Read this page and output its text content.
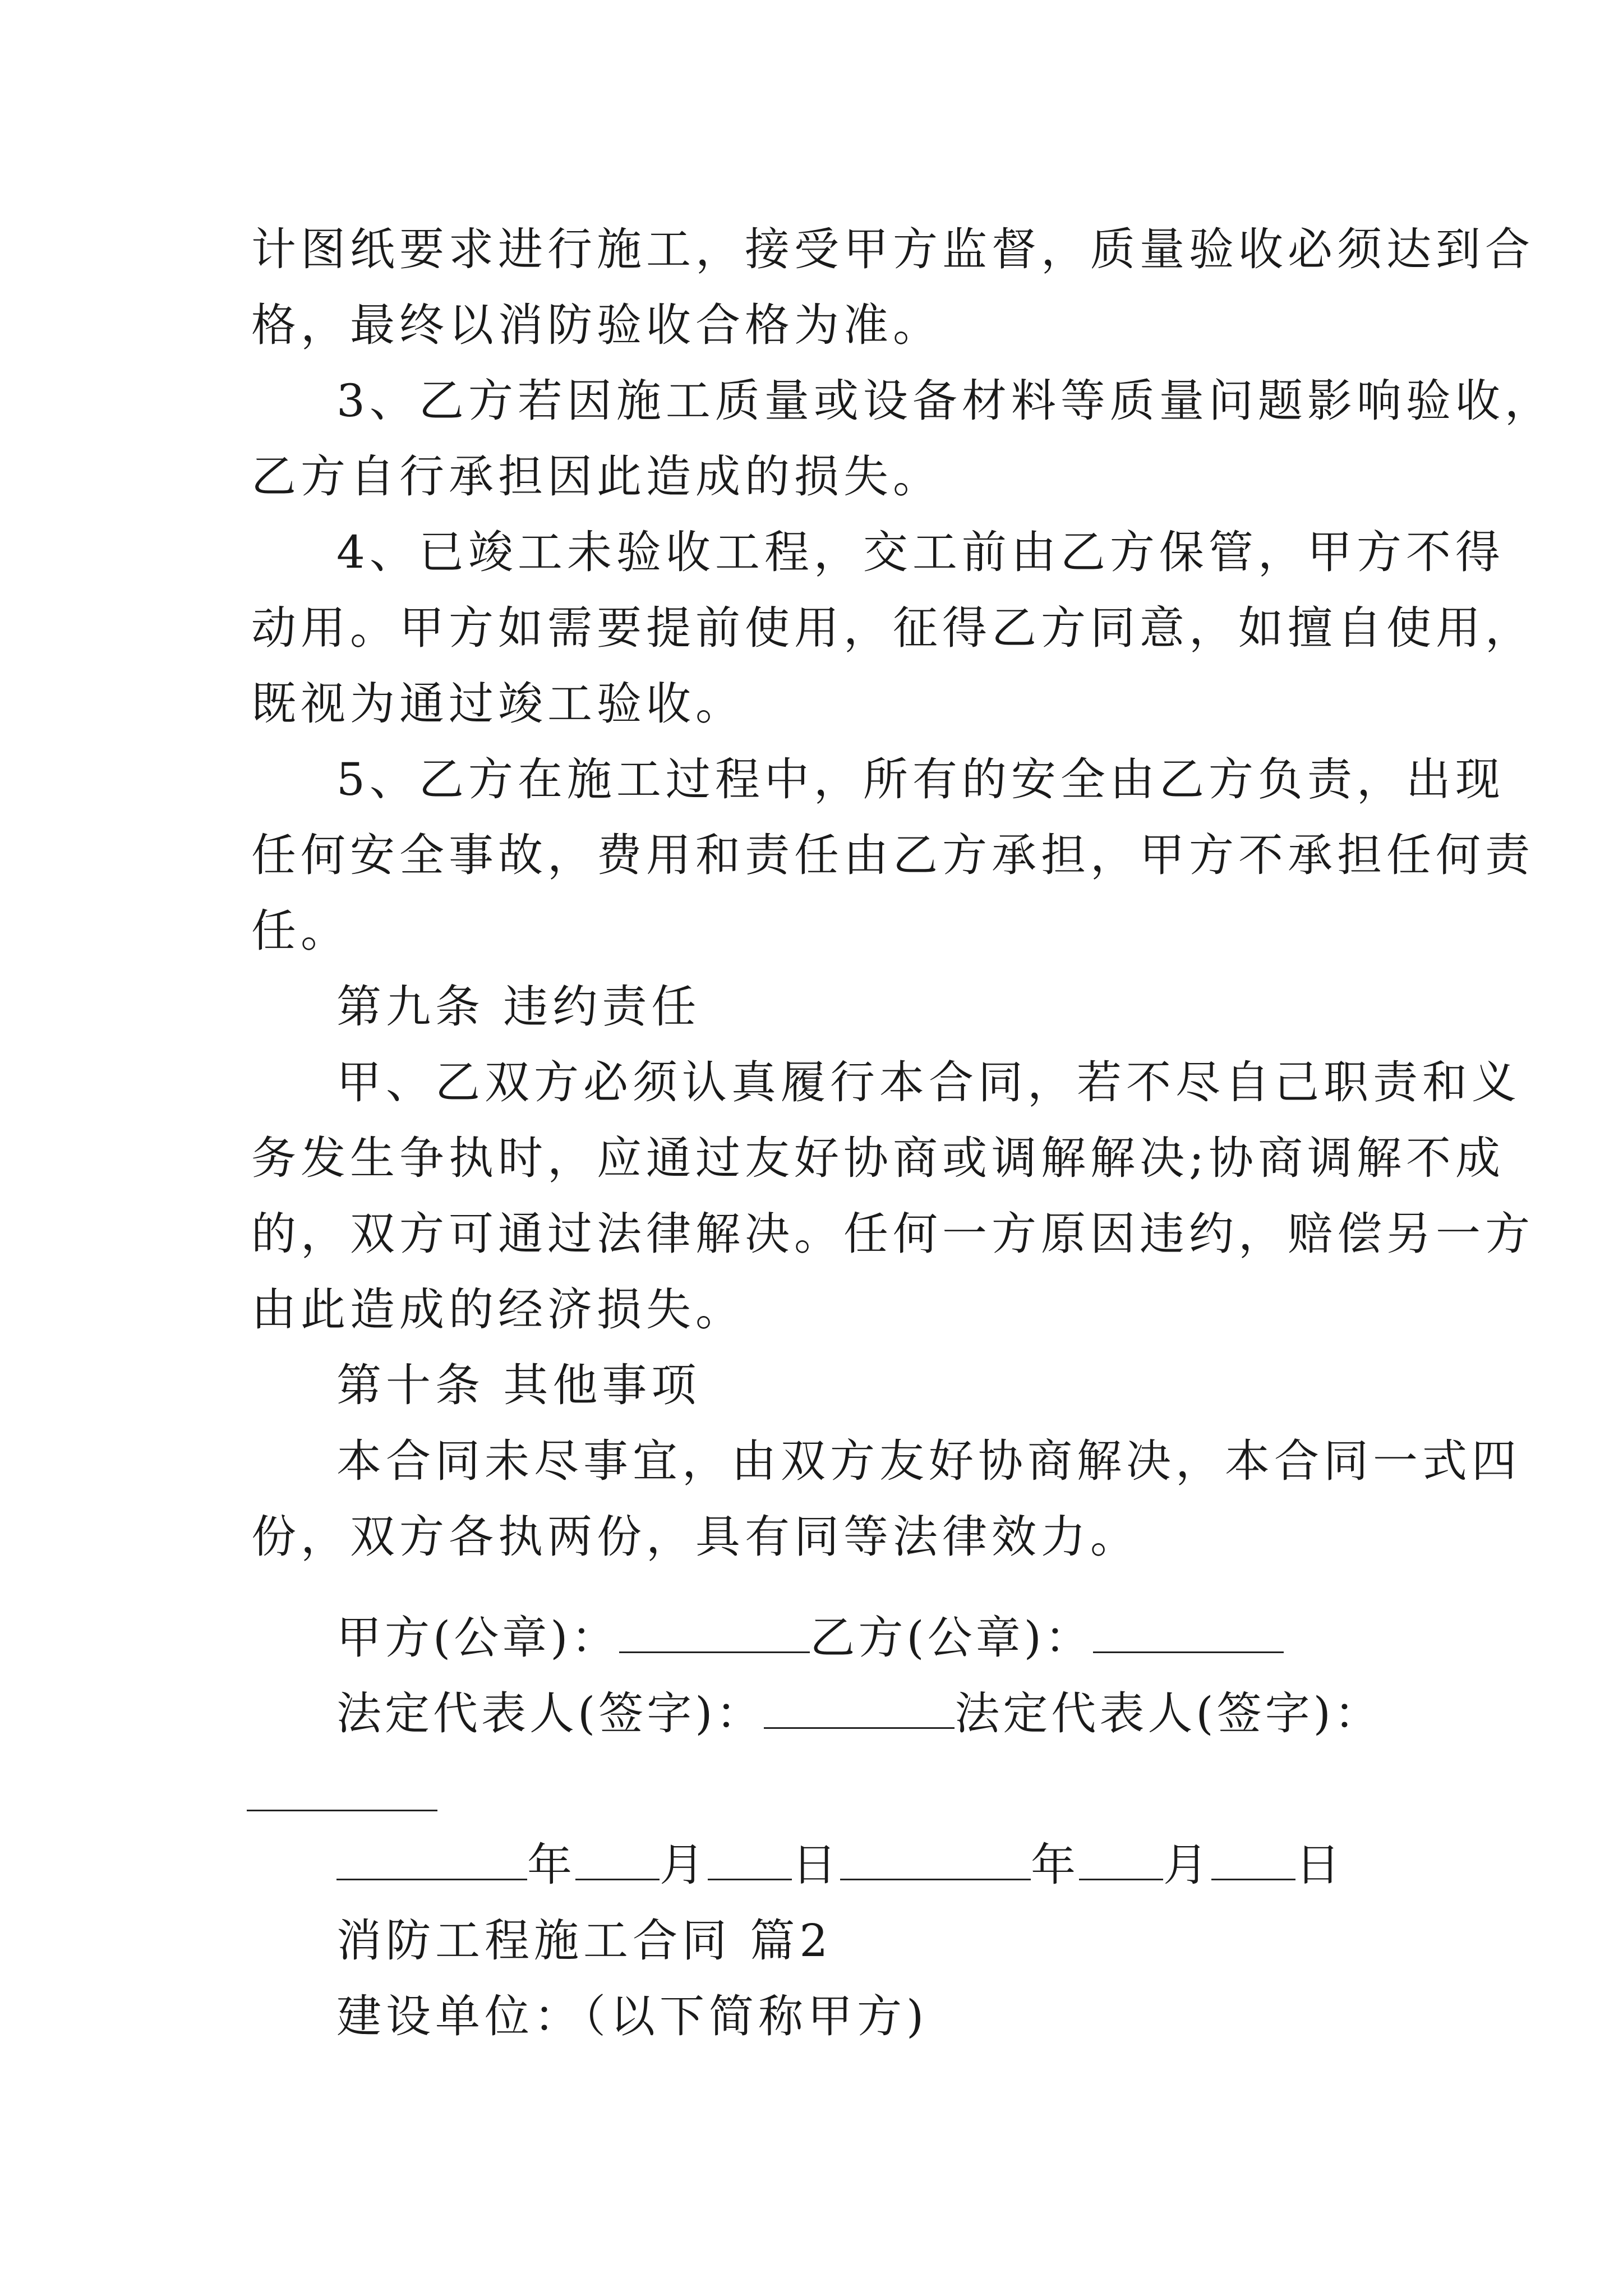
计图纸要求进行施工，接受甲方监督，质量验收必须达到合
格，最终以消防验收合格为准。
3、乙方若因施工质量或设备材料等质量问题影响验收，
乙方自行承担因此造成的损失。
4、已竣工未验收工程，交工前由乙方保管，甲方不得
动用。甲方如需要提前使用，征得乙方同意，如擅自使用，
既视为通过竣工验收。
5、乙方在施工过程中，所有的安全由乙方负责，出现
任何安全事故，费用和责任由乙方承担，甲方不承担任何责
任。
第九条 违约责任
甲、乙双方必须认真履行本合同，若不尽自己职责和义
务发生争执时，应通过友好协商或调解解决;协商调解不成
的，双方可通过法律解决。任何一方原因违约，赔偿另一方
由此造成的经济损失。
第十条 其他事项
本合同未尽事宜，由双方友好协商解决，本合同一式四
份，双方各执两份，具有同等法律效力。
甲方(公章)：	乙方(公章)：
法定代表人(签字)：	法定代表人(签字)：
年 月 日	年 月 日
消防工程施工合同 篇2
建设单位：（以下简称甲方)
